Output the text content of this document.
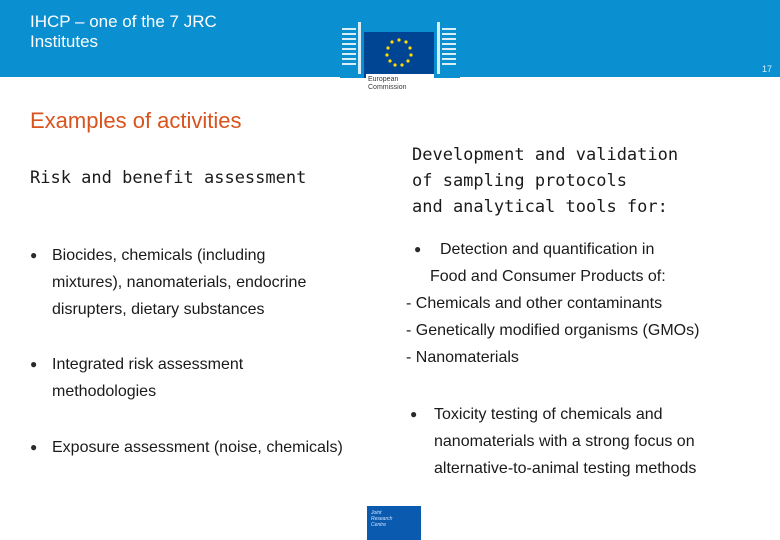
IHCP – one of the 7 JRC
Institutes
17
European
Commission
Examples of activities
Risk and benefit assessment
Development and validation
of sampling protocols
and analytical tools for:
● Biocides, chemicals (including
mixtures), nanomaterials, endocrine
disrupters, dietary substances
● Integrated risk assessment
methodologies
● Exposure assessment (noise, chemicals)
● Detection and quantification in
Food and Consumer Products of:
- Chemicals and other contaminants
- Genetically modified organisms (GMOs)
- Nanomaterials
● Toxicity testing of chemicals and
nanomaterials with a strong focus on
alternative-to-animal testing methods
Joint
Research
Centre
